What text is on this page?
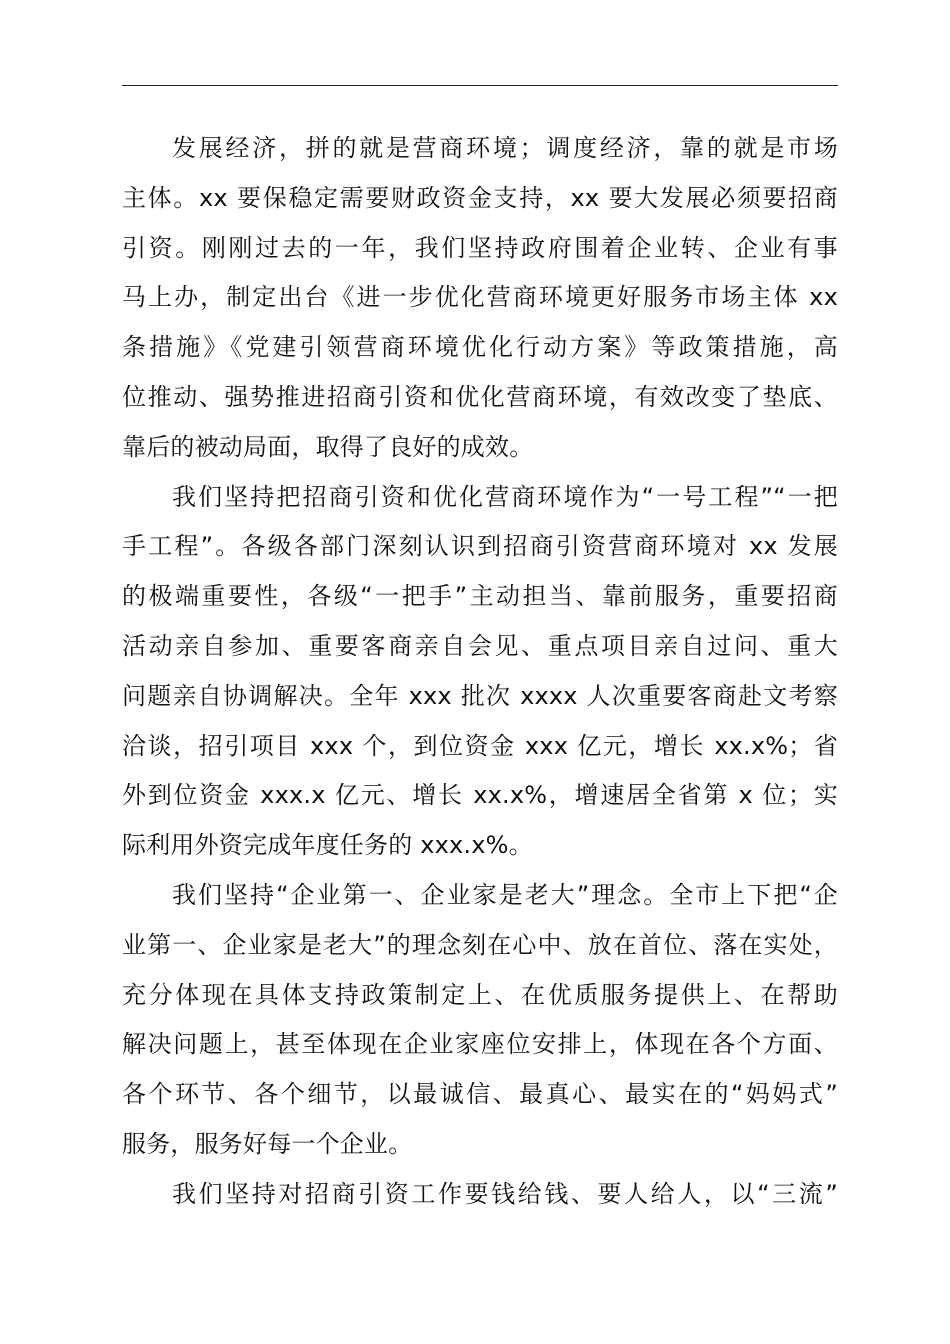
发展经济，拼的就是营商环境；调度经济，靠的就是市场
主体。xx 要保稳定需要财政资金支持，xx 要大发展必须要招商
引资。刚刚过去的一年，我们坚持政府围着企业转、企业有事
马上办，制定出台《进一步优化营商环境更好服务市场主体 xx
条措施》《党建引领营商环境优化行动方案》等政策措施，高
位推动、强势推进招商引资和优化营商环境，有效改变了垫底、
靠后的被动局面，取得了良好的成效。
我们坚持把招商引资和优化营商环境作为“一号工程”“一把
手工程”。各级各部门深刻认识到招商引资营商环境对 xx 发展
的极端重要性，各级“一把手”主动担当、靠前服务，重要招商
活动亲自参加、重要客商亲自会见、重点项目亲自过问、重大
问题亲自协调解决。全年 xxx 批次 xxxx 人次重要客商赴文考察
洽谈，招引项目 xxx 个，到位资金 xxx 亿元，增长 xx.x%；省
外到位资金 xxx.x 亿元、增长 xx.x%，增速居全省第 x 位；实
际利用外资完成年度任务的 xxx.x%。
我们坚持“企业第一、企业家是老大”理念。全市上下把“企
业第一、企业家是老大”的理念刻在心中、放在首位、落在实处，
充分体现在具体支持政策制定上、在优质服务提供上、在帮助
解决问题上，甚至体现在企业家座位安排上，体现在各个方面、
各个环节、各个细节，以最诚信、最真心、最实在的“妈妈式”
服务，服务好每一个企业。
我们坚持对招商引资工作要钱给钱、要人给人，以“三流”
